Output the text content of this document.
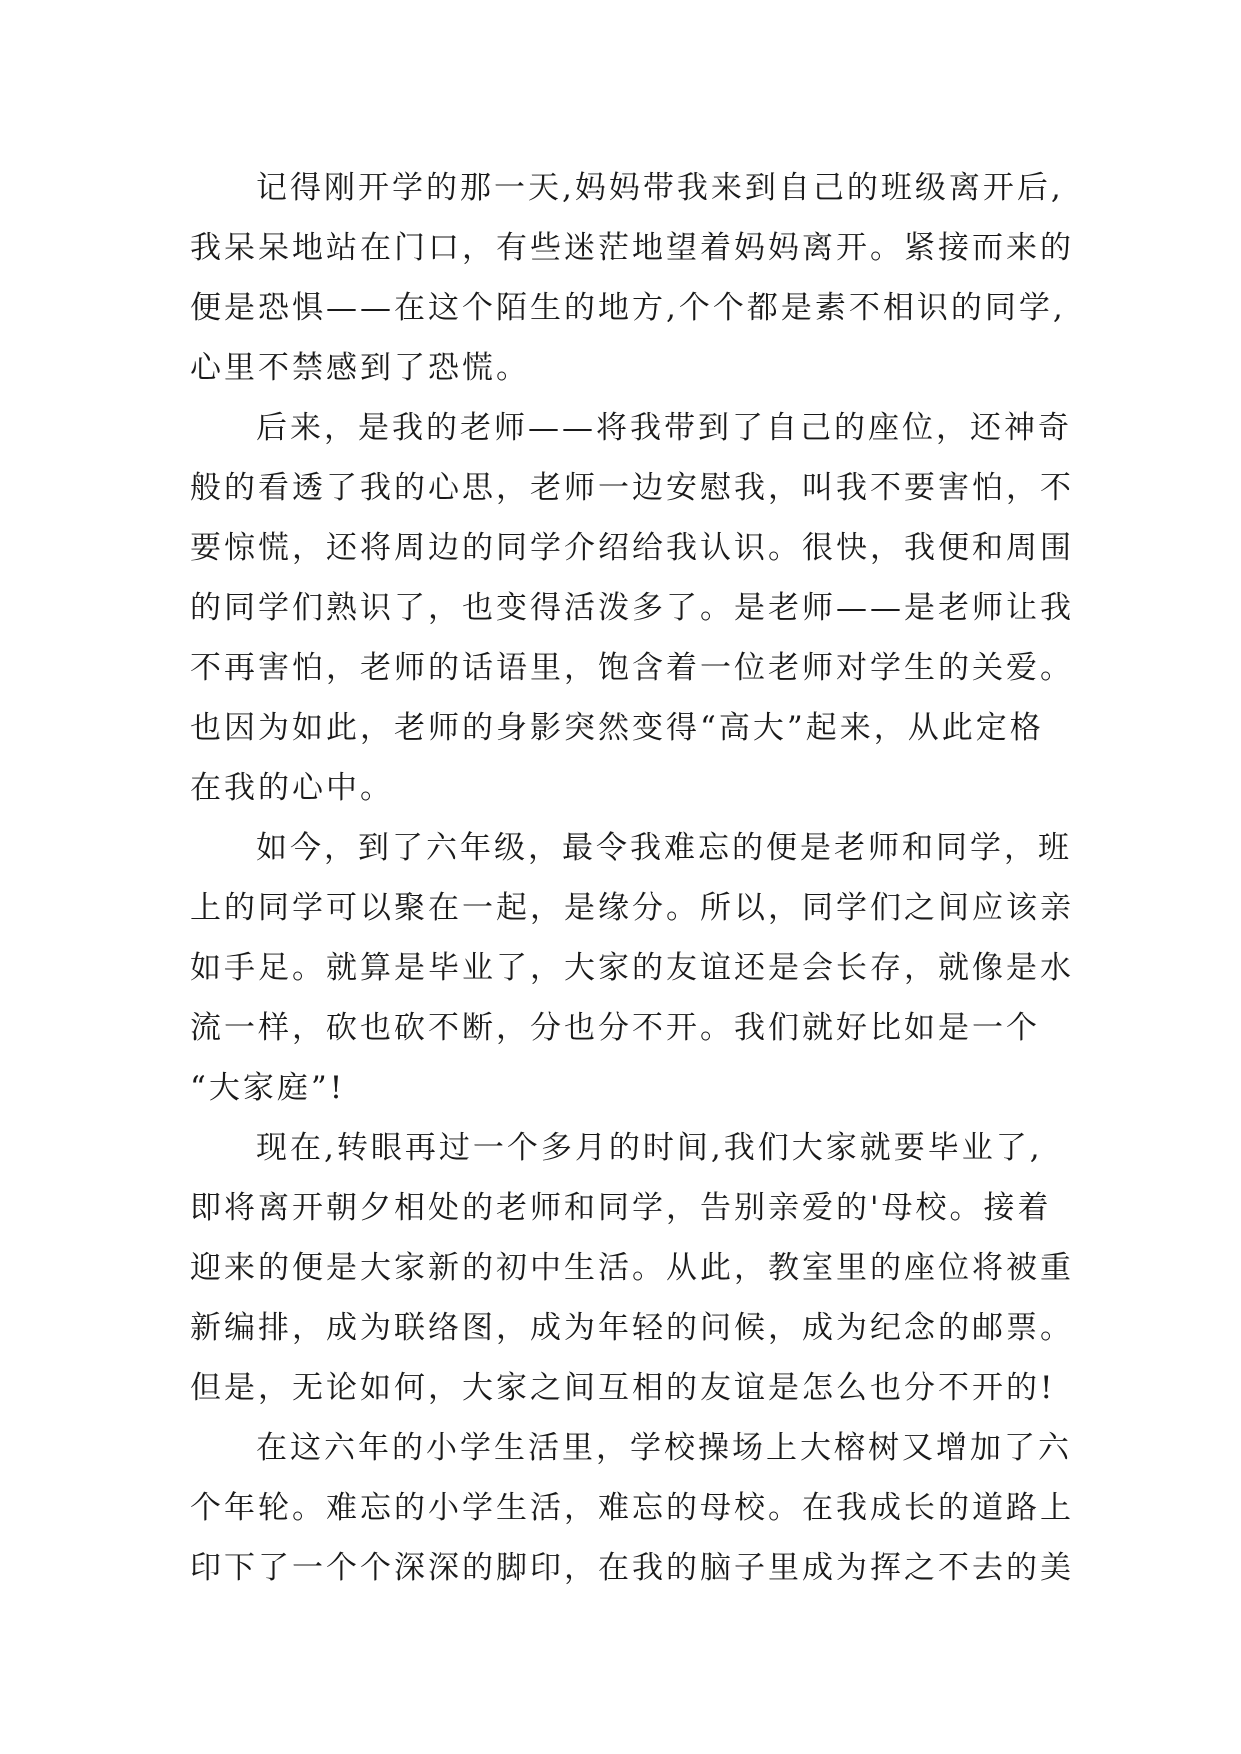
记得刚开学的那一天,妈妈带我来到自己的班级离开后,
我呆呆地站在门口，有些迷茫地望着妈妈离开。紧接而来的
便是恐惧——在这个陌生的地方,个个都是素不相识的同学,
心里不禁感到了恐慌。
后来，是我的老师——将我带到了自己的座位，还神奇
般的看透了我的心思，老师一边安慰我，叫我不要害怕，不
要惊慌，还将周边的同学介绍给我认识。很快，我便和周围
的同学们熟识了，也变得活泼多了。是老师——是老师让我
不再害怕，老师的话语里，饱含着一位老师对学生的关爱。
也因为如此，老师的身影突然变得“高大”起来，从此定格
在我的心中。
如今，到了六年级，最令我难忘的便是老师和同学，班
上的同学可以聚在一起，是缘分。所以，同学们之间应该亲
如手足。就算是毕业了，大家的友谊还是会长存，就像是水
流一样，砍也砍不断，分也分不开。我们就好比如是一个
“大家庭”!
现在,转眼再过一个多月的时间,我们大家就要毕业了,
即将离开朝夕相处的老师和同学，告别亲爱的'母校。接着
迎来的便是大家新的初中生活。从此，教室里的座位将被重
新编排，成为联络图，成为年轻的问候，成为纪念的邮票。
但是，无论如何，大家之间互相的友谊是怎么也分不开的!
在这六年的小学生活里，学校操场上大榕树又增加了六
个年轮。难忘的小学生活，难忘的母校。在我成长的道路上
印下了一个个深深的脚印，在我的脑子里成为挥之不去的美
